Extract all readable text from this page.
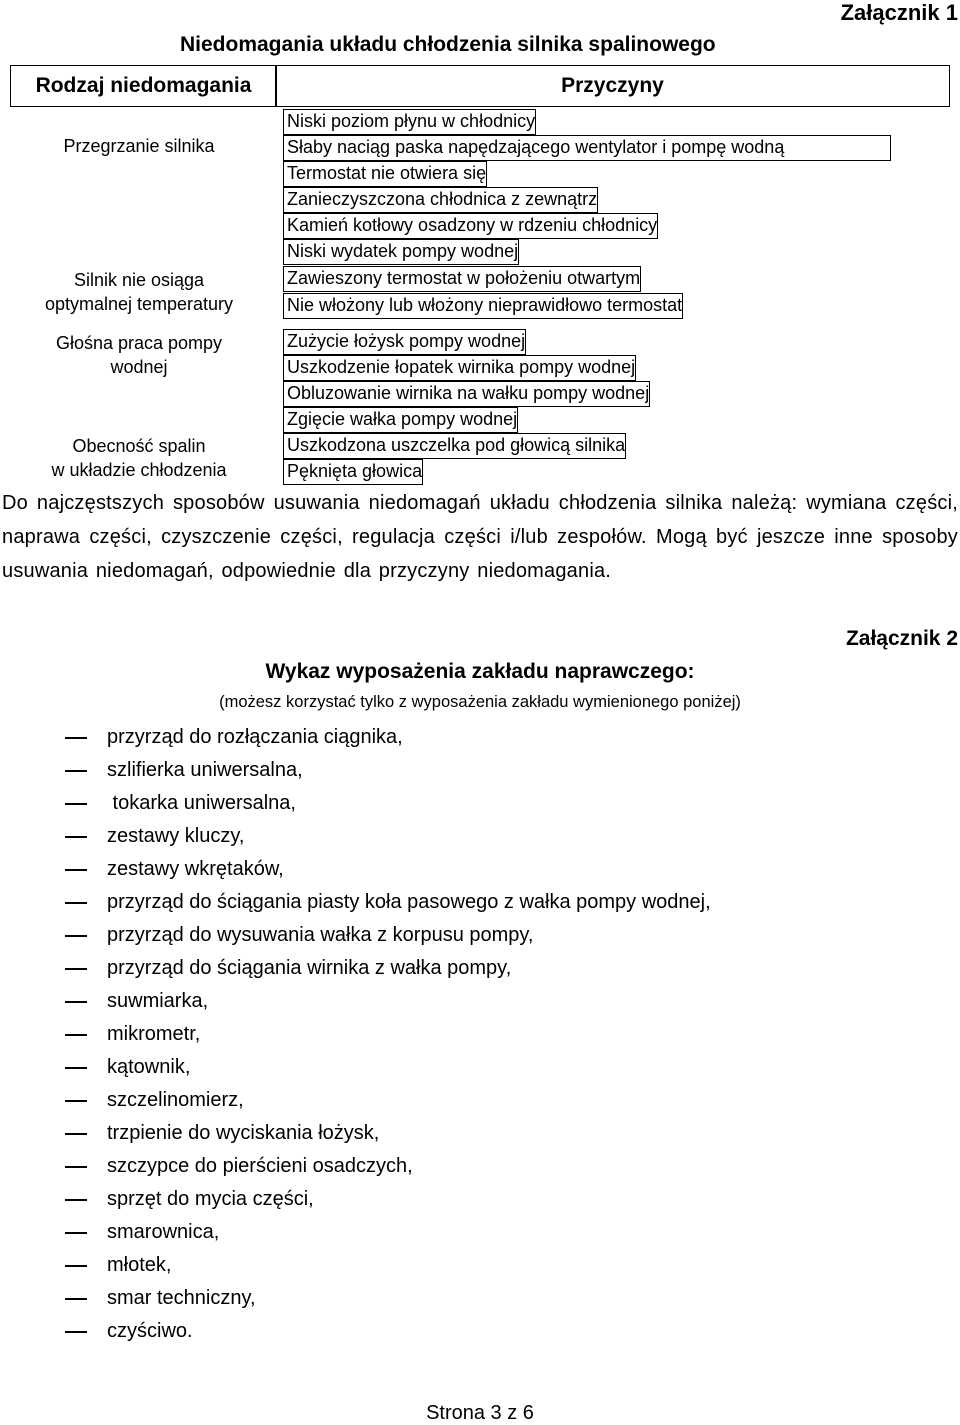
Załącznik 1
Niedomagania układu chłodzenia silnika spalinowego
Rodzaj niedomagania	Przyczyny
Przegrzanie silnika
Silnik nie osiąga
optymalnej temperatury
Głośna praca pompy
wodnej
Obecność spalin
w układzie chłodzenia
Niski poziom płynu w chłodnicy
Słaby naciąg paska napędzającego wentylator i pompę wodną
Termostat nie otwiera się
Zanieczyszczona chłodnica z zewnątrz
Kamień kotłowy osadzony w rdzeniu chłodnicy
Niski wydatek pompy wodnej
Zawieszony termostat w położeniu otwartym
Nie włożony lub włożony nieprawidłowo termostat
Zużycie łożysk pompy wodnej
Uszkodzenie łopatek wirnika pompy wodnej
Obluzowanie wirnika na wałku pompy wodnej
Zgięcie wałka pompy wodnej
Uszkodzona uszczelka pod głowicą silnika
Pęknięta głowica
Do najczęstszych sposobów usuwania niedomagań układu chłodzenia silnika należą: wymiana części, naprawa części, czyszczenie części, regulacja części i/lub zespołów. Mogą być jeszcze inne sposoby usuwania niedomagań, odpowiednie dla przyczyny niedomagania.
Załącznik 2
Wykaz wyposażenia zakładu naprawczego:
(możesz korzystać tylko z wyposażenia zakładu wymienionego poniżej)
przyrząd do rozłączania ciągnika,
szlifierka uniwersalna,
tokarka uniwersalna,
zestawy kluczy,
zestawy wkrętaków,
przyrząd do ściągania piasty koła pasowego z wałka pompy wodnej,
przyrząd do wysuwania wałka z korpusu pompy,
przyrząd do ściągania wirnika z wałka pompy,
suwmiarka,
mikrometr,
kątownik,
szczelinomierz,
trzpienie do wyciskania łożysk,
szczypce do pierścieni osadczych,
sprzęt do mycia części,
smarownica,
młotek,
smar techniczny,
czyściwo.
Strona 3 z 6
